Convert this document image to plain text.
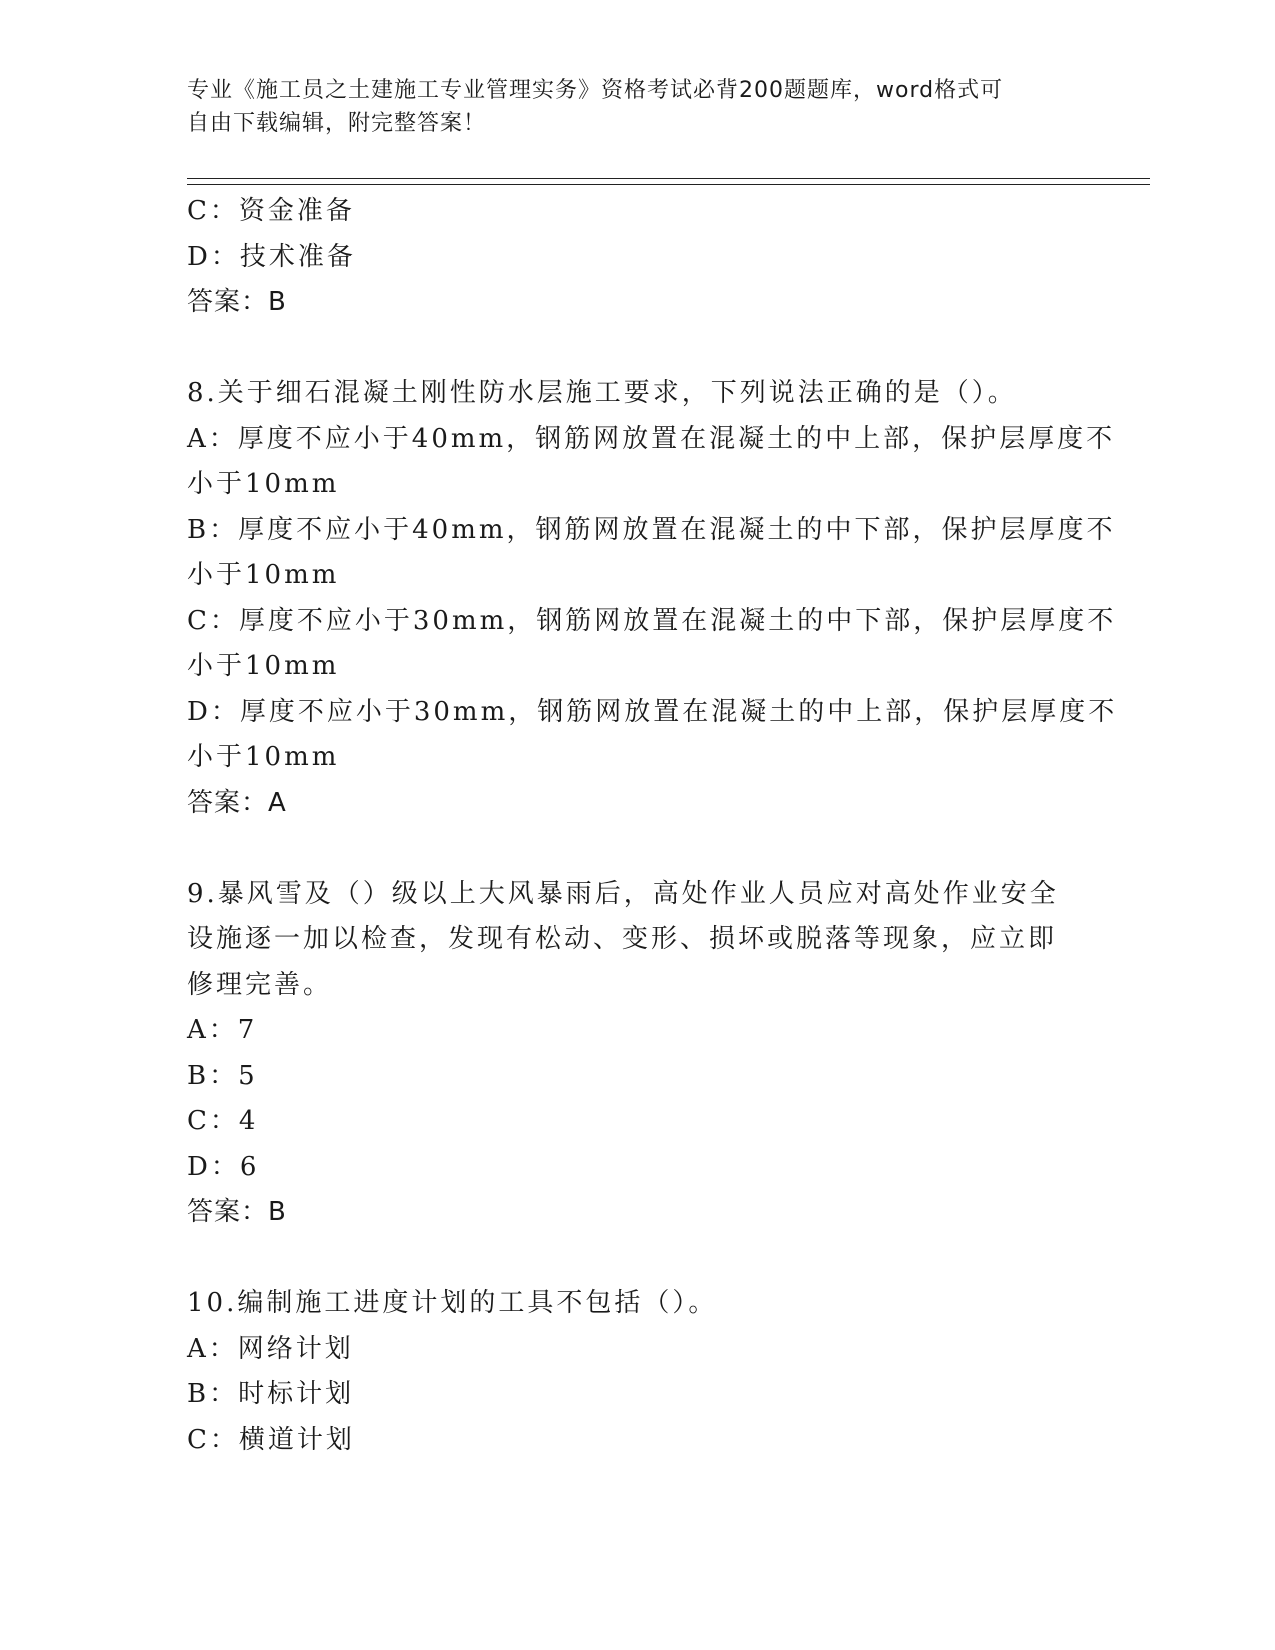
专业《施工员之土建施工专业管理实务》资格考试必背200题题库，word格式可
自由下载编辑，附完整答案！
C：资金准备
D：技术准备
答案：B
8.关于细石混凝土刚性防水层施工要求，下列说法正确的是（）。
A：厚度不应小于40mm，钢筋网放置在混凝土的中上部，保护层厚度不
小于10mm
B：厚度不应小于40mm，钢筋网放置在混凝土的中下部，保护层厚度不
小于10mm
C：厚度不应小于30mm，钢筋网放置在混凝土的中下部，保护层厚度不
小于10mm
D：厚度不应小于30mm，钢筋网放置在混凝土的中上部，保护层厚度不
小于10mm
答案：A
9.暴风雪及（）级以上大风暴雨后，高处作业人员应对高处作业安全
设施逐一加以检查，发现有松动、变形、损坏或脱落等现象，应立即
修理完善。
A：7
B：5
C：4
D：6
答案：B
10.编制施工进度计划的工具不包括（）。
A：网络计划
B：时标计划
C：横道计划
